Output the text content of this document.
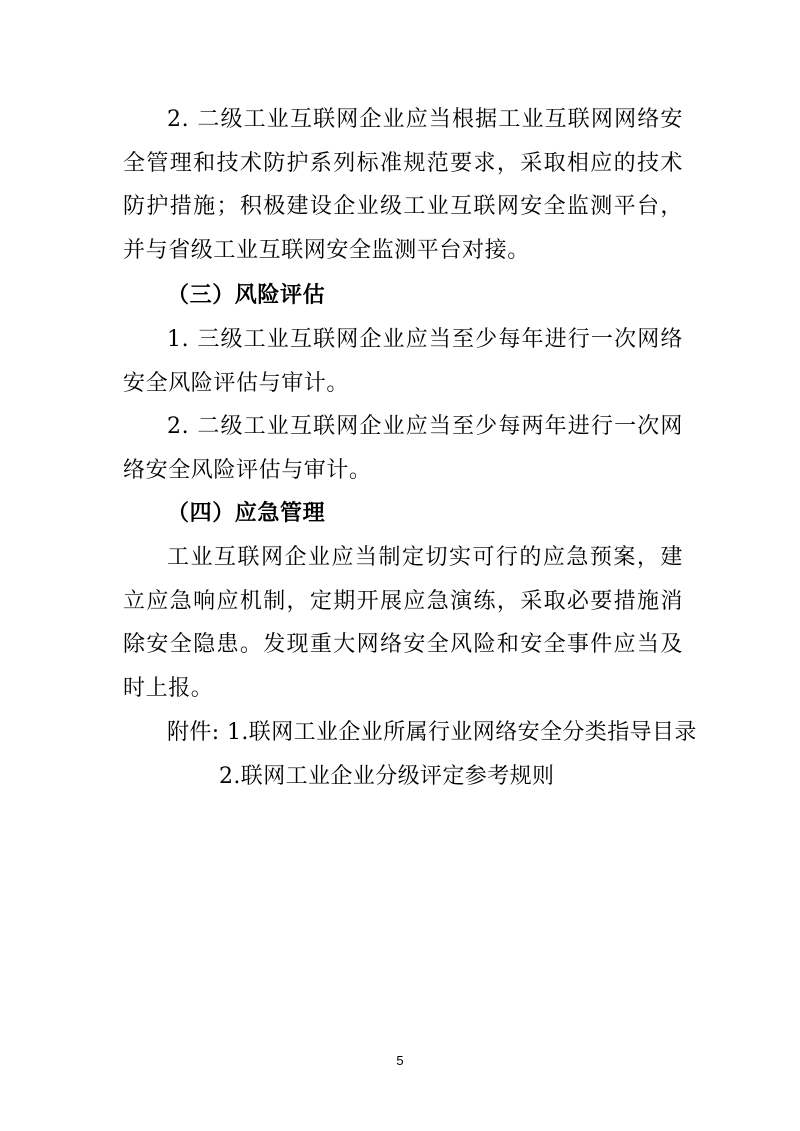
2. 二级工业互联网企业应当根据工业互联网网络安全管理和技术防护系列标准规范要求，采取相应的技术防护措施；积极建设企业级工业互联网安全监测平台，并与省级工业互联网安全监测平台对接。

（三）风险评估

1. 三级工业互联网企业应当至少每年进行一次网络安全风险评估与审计。

2. 二级工业互联网企业应当至少每两年进行一次网络安全风险评估与审计。

（四）应急管理

工业互联网企业应当制定切实可行的应急预案，建立应急响应机制，定期开展应急演练，采取必要措施消除安全隐患。发现重大网络安全风险和安全事件应当及时上报。

附件: 1.联网工业企业所属行业网络安全分类指导目录
2.联网工业企业分级评定参考规则
5
